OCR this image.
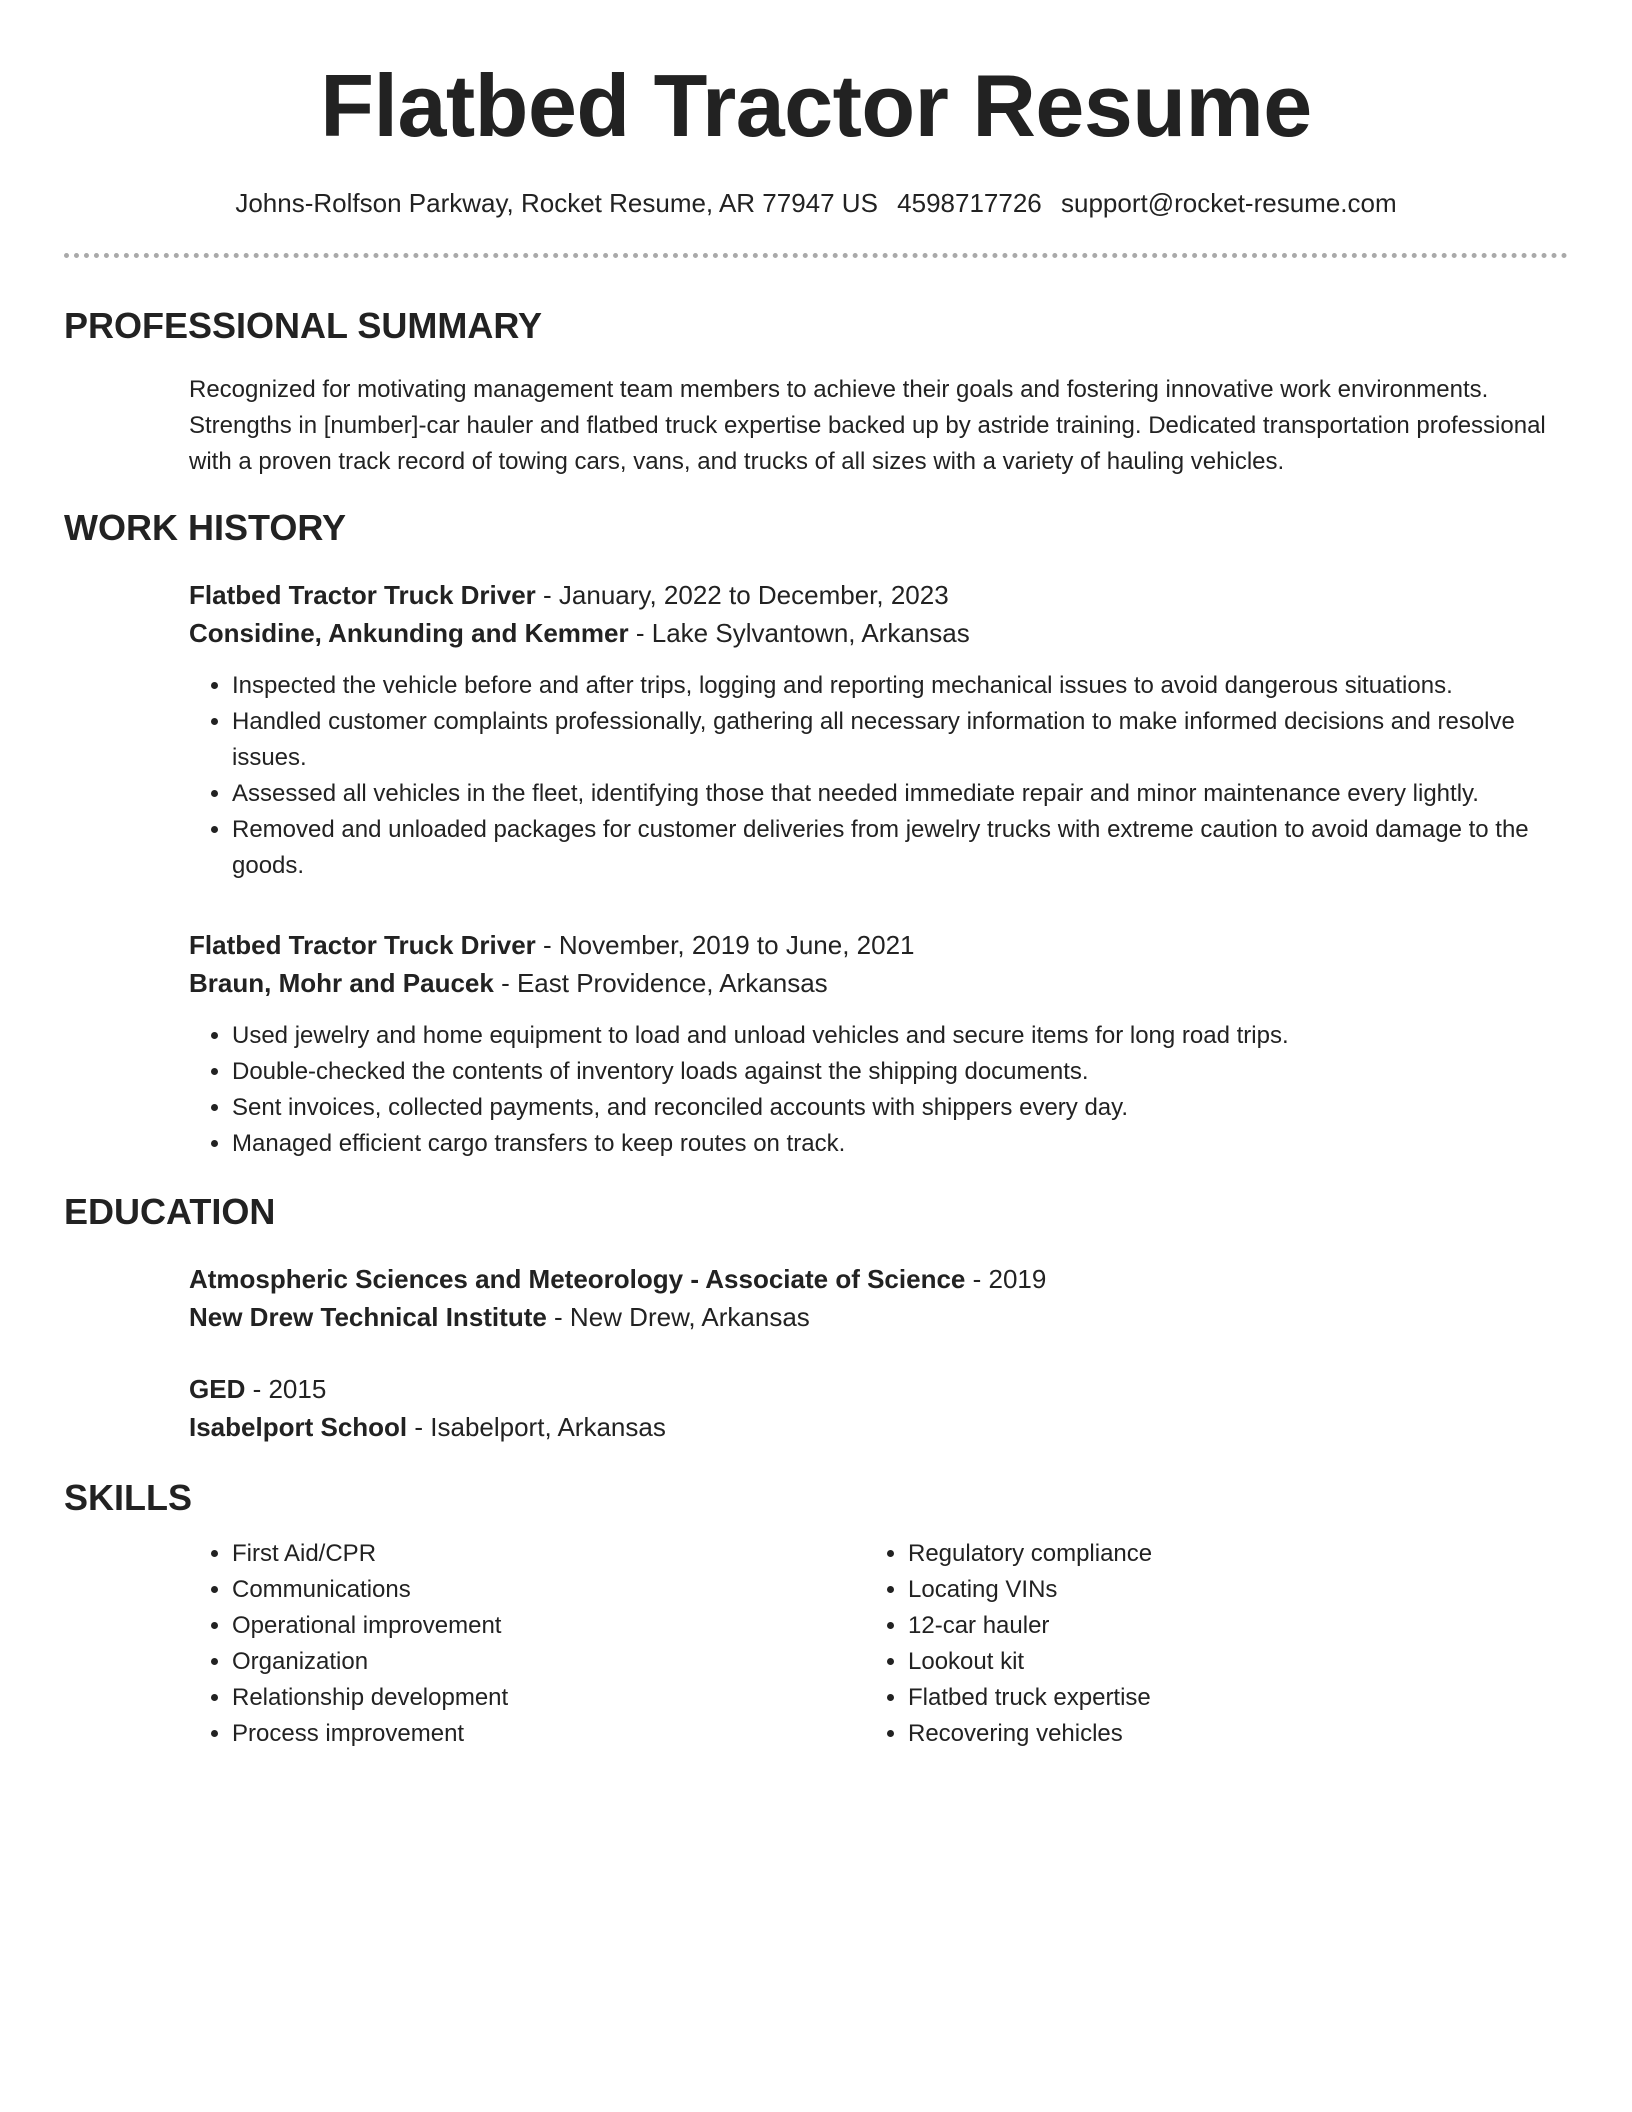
Flatbed Tractor Resume
Johns-Rolfson Parkway, Rocket Resume, AR 77947 US 4598717726 support@rocket-resume.com
PROFESSIONAL SUMMARY
Recognized for motivating management team members to achieve their goals and fostering innovative work environments. Strengths in [number]-car hauler and flatbed truck expertise backed up by astride training. Dedicated transportation professional with a proven track record of towing cars, vans, and trucks of all sizes with a variety of hauling vehicles.
WORK HISTORY
Flatbed Tractor Truck Driver - January, 2022 to December, 2023
Considine, Ankunding and Kemmer - Lake Sylvantown, Arkansas
• Inspected the vehicle before and after trips, logging and reporting mechanical issues to avoid dangerous situations.
• Handled customer complaints professionally, gathering all necessary information to make informed decisions and resolve issues.
• Assessed all vehicles in the fleet, identifying those that needed immediate repair and minor maintenance every lightly.
• Removed and unloaded packages for customer deliveries from jewelry trucks with extreme caution to avoid damage to the goods.
Flatbed Tractor Truck Driver - November, 2019 to June, 2021
Braun, Mohr and Paucek - East Providence, Arkansas
• Used jewelry and home equipment to load and unload vehicles and secure items for long road trips.
• Double-checked the contents of inventory loads against the shipping documents.
• Sent invoices, collected payments, and reconciled accounts with shippers every day.
• Managed efficient cargo transfers to keep routes on track.
EDUCATION
Atmospheric Sciences and Meteorology - Associate of Science - 2019
New Drew Technical Institute - New Drew, Arkansas
GED - 2015
Isabelport School - Isabelport, Arkansas
SKILLS
• First Aid/CPR
• Communications
• Operational improvement
• Organization
• Relationship development
• Process improvement
• Regulatory compliance
• Locating VINs
• 12-car hauler
• Lookout kit
• Flatbed truck expertise
• Recovering vehicles
